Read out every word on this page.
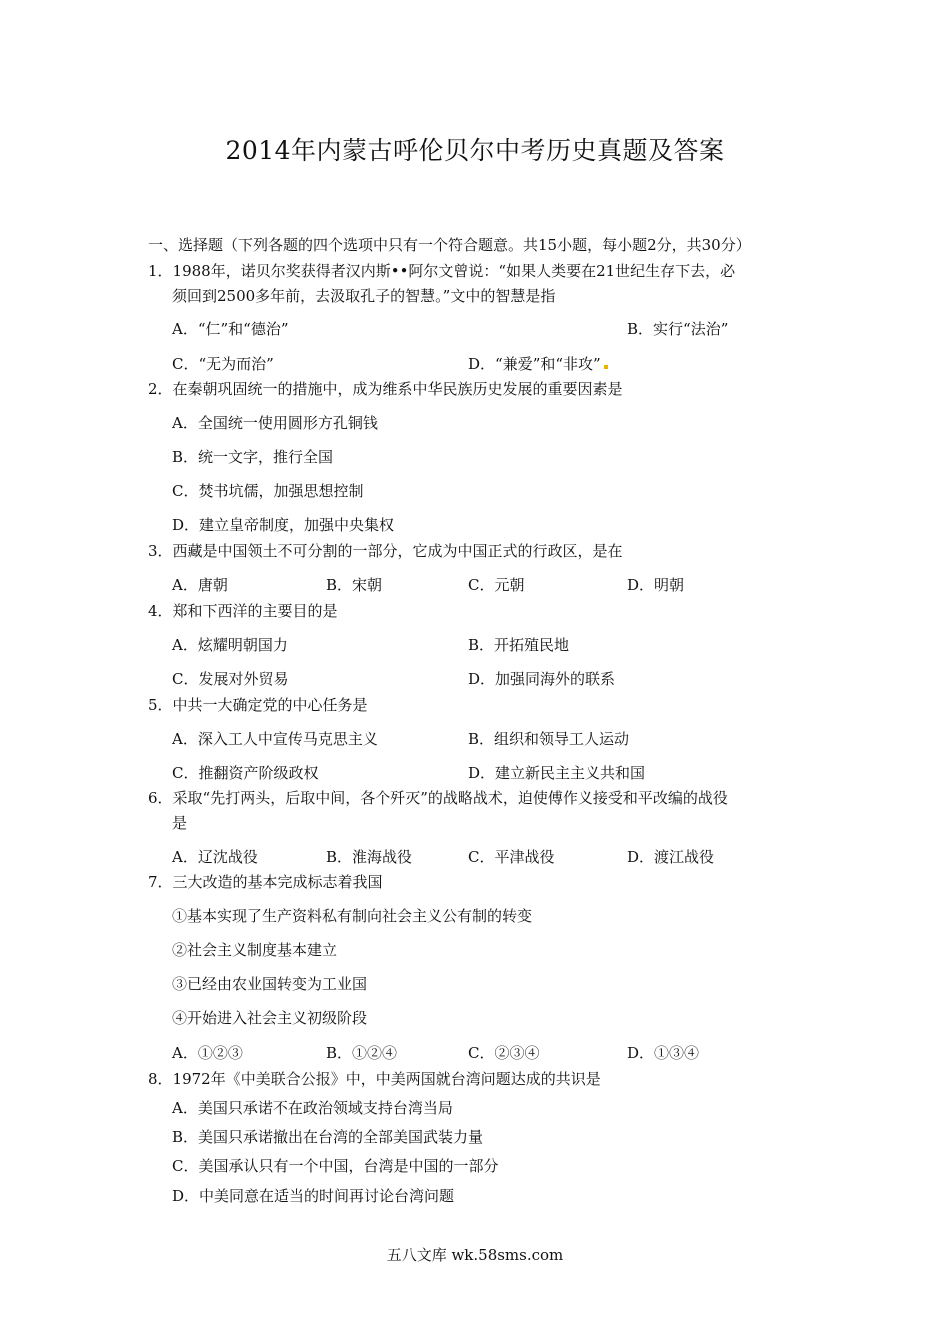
2014年内蒙古呼伦贝尔中考历史真题及答案
一、选择题（下列各题的四个选项中只有一个符合题意。共15小题，每小题2分，共30分）
1．1988年，诺贝尔奖获得者汉内斯••阿尔文曾说：“如果人类要在21世纪生存下去，必
须回到2500多年前，去汲取孔子的智慧。”文中的智慧是指
A．“仁”和“德治”	B．实行“法治”
C．“无为而治”	D．“兼爱”和“非攻”
2．在秦朝巩固统一的措施中，成为维系中华民族历史发展的重要因素是
A．全国统一使用圆形方孔铜钱
B．统一文字，推行全国
C．焚书坑儒，加强思想控制
D．建立皇帝制度，加强中央集权
3．西藏是中国领土不可分割的一部分，它成为中国正式的行政区，是在
A．唐朝	B．宋朝	C．元朝	D．明朝
4．郑和下西洋的主要目的是
A．炫耀明朝国力	B．开拓殖民地
C．发展对外贸易	D．加强同海外的联系
5．中共一大确定党的中心任务是
A．深入工人中宣传马克思主义	B．组织和领导工人运动
C．推翻资产阶级政权	D．建立新民主主义共和国
6．采取“先打两头，后取中间，各个歼灭”的战略战术，迫使傅作义接受和平改编的战役
是
A．辽沈战役	B．淮海战役	C．平津战役	D．渡江战役
7．三大改造的基本完成标志着我国
①基本实现了生产资料私有制向社会主义公有制的转变
②社会主义制度基本建立
③已经由农业国转变为工业国
④开始进入社会主义初级阶段
A．①②③	B．①②④	C．②③④	D．①③④
8．1972年《中美联合公报》中，中美两国就台湾问题达成的共识是
A．美国只承诺不在政治领域支持台湾当局
B．美国只承诺撤出在台湾的全部美国武装力量
C．美国承认只有一个中国，台湾是中国的一部分
D．中美同意在适当的时间再讨论台湾问题
五八文库 wk.58sms.com
